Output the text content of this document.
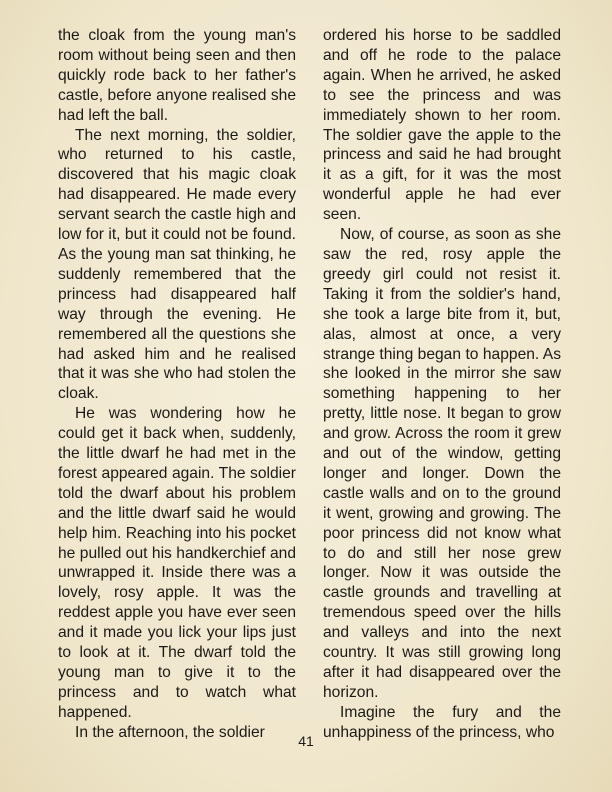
the cloak from the young man's room without being seen and then quickly rode back to her father's castle, before anyone realised she had left the ball.

The next morning, the soldier, who returned to his castle, discovered that his magic cloak had disappeared. He made every servant search the castle high and low for it, but it could not be found. As the young man sat thinking, he suddenly remembered that the princess had disappeared half way through the evening. He remembered all the questions she had asked him and he realised that it was she who had stolen the cloak.

He was wondering how he could get it back when, suddenly, the little dwarf he had met in the forest appeared again. The soldier told the dwarf about his problem and the little dwarf said he would help him. Reaching into his pocket he pulled out his handkerchief and unwrapped it. Inside there was a lovely, rosy apple. It was the reddest apple you have ever seen and it made you lick your lips just to look at it. The dwarf told the young man to give it to the princess and to watch what happened.

In the afternoon, the soldier

ordered his horse to be saddled and off he rode to the palace again. When he arrived, he asked to see the princess and was immediately shown to her room. The soldier gave the apple to the princess and said he had brought it as a gift, for it was the most wonderful apple he had ever seen.

Now, of course, as soon as she saw the red, rosy apple the greedy girl could not resist it. Taking it from the soldier's hand, she took a large bite from it, but, alas, almost at once, a very strange thing began to happen. As she looked in the mirror she saw something happening to her pretty, little nose. It began to grow and grow. Across the room it grew and out of the window, getting longer and longer. Down the castle walls and on to the ground it went, growing and growing. The poor princess did not know what to do and still her nose grew longer. Now it was outside the castle grounds and travelling at tremendous speed over the hills and valleys and into the next country. It was still growing long after it had disappeared over the horizon.

Imagine the fury and the unhappiness of the princess, who

41
